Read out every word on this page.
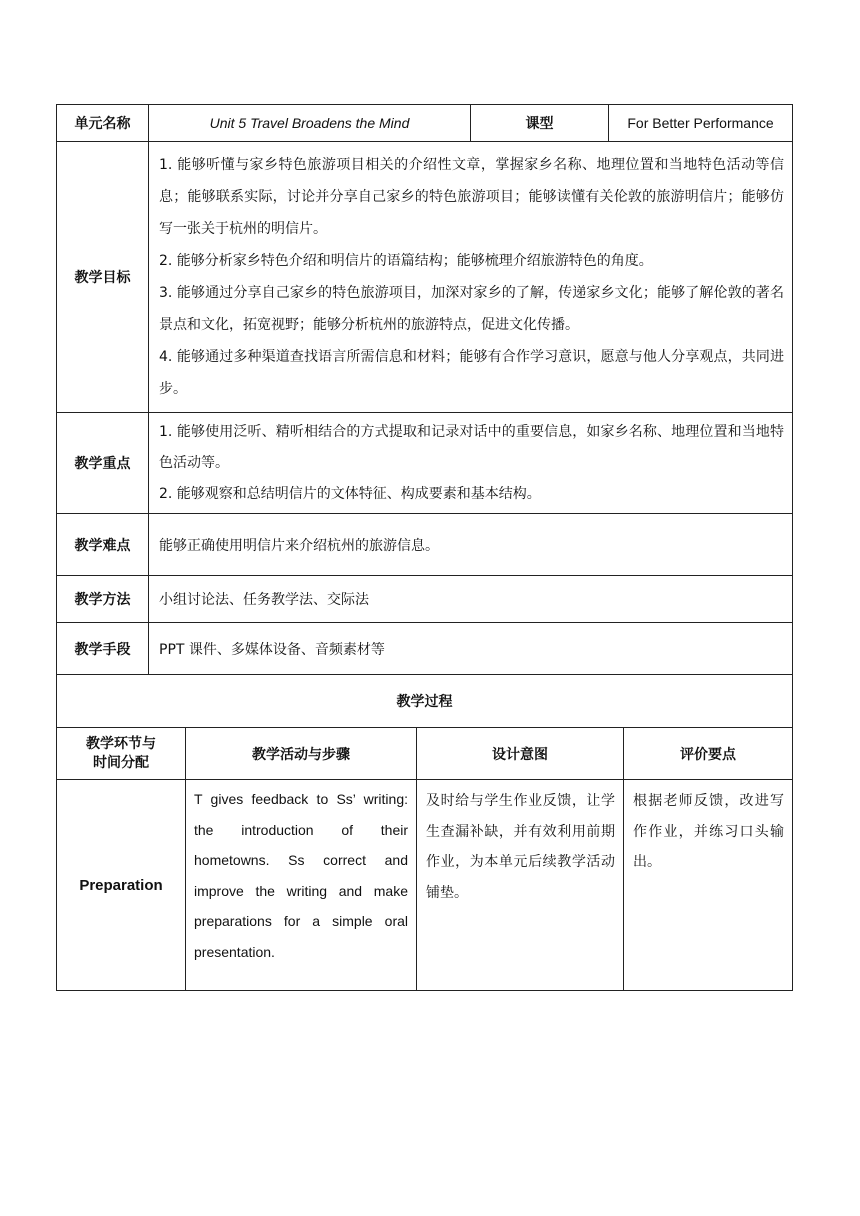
单元名称	Unit 5 Travel Broadens the Mind	课型	For Better Performance
教学目标	1. 能够听懂与家乡特色旅游项目相关的介绍性文章，掌握家乡名称、地理位置和当地特色活动等信息；能够联系实际，讨论并分享自己家乡的特色旅游项目；能够读懂有关伦敦的旅游明信片；能够仿写一张关于杭州的明信片。

2. 能够分析家乡特色介绍和明信片的语篇结构；能够梳理介绍旅游特色的角度。

3. 能够通过分享自己家乡的特色旅游项目，加深对家乡的了解，传递家乡文化；能够了解伦敦的著名景点和文化，拓宽视野；能够分析杭州的旅游特点，促进文化传播。

4. 能够通过多种渠道查找语言所需信息和材料；能够有合作学习意识，愿意与他人分享观点，共同进步。		

教学重点	1. 能够使用泛听、精听相结合的方式提取和记录对话中的重要信息，如家乡名称、地理位置和当地特色活动等。

2. 能够观察和总结明信片的文体特征、构成要素和基本结构。		

教学难点	能够正确使用明信片来介绍杭州的旅游信息。		
教学方法	小组讨论法、任务教学法、交际法		
教学手段	PPT 课件、多媒体设备、音频素材等		
教学过程			
教学环节与
时间分配	教学活动与步骤	设计意图	评价要点
Preparation	T gives feedback to Ss’ writing: the introduction of their hometowns. Ss correct and improve the writing and make preparations for a simple oral presentation.	及时给与学生作业反馈，让学生查漏补缺，并有效利用前期作业，为本单元后续教学活动铺垫。	根据老师反馈，改进写作作业，并练习口头输出。
